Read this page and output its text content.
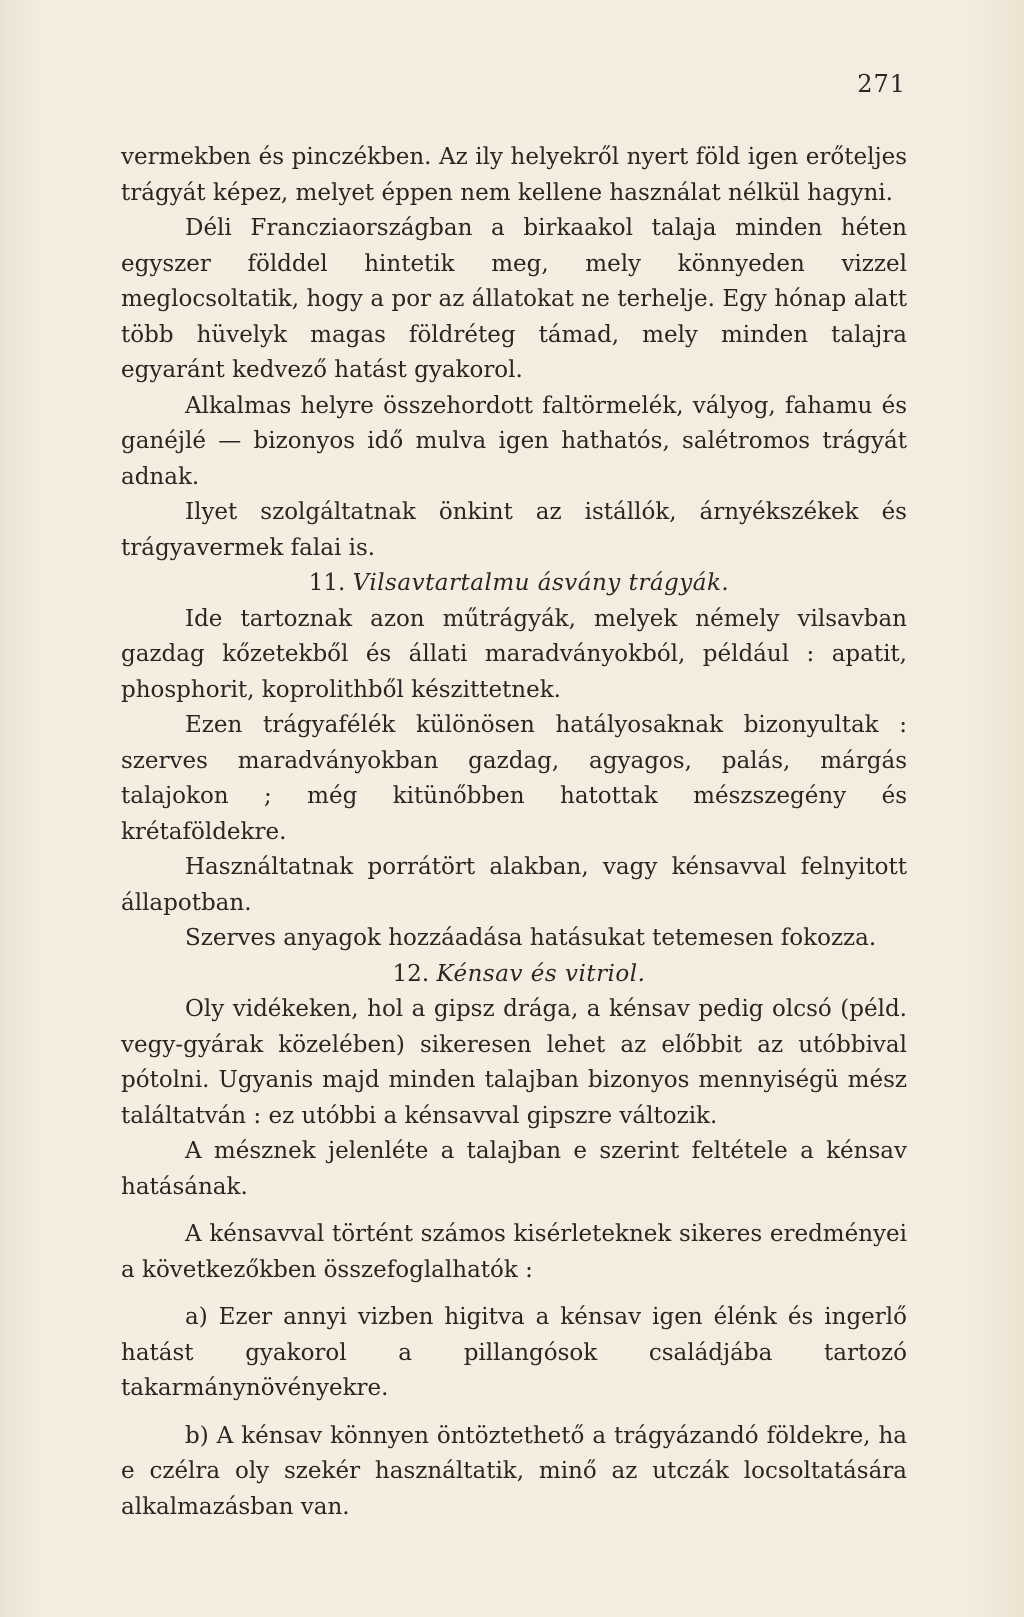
271

vermekben és pinczékben. Az ily helyekről nyert föld igen erőteljes trágyát képez, melyet éppen nem kellene használat nélkül hagyni.

Déli Francziaországban a birkaakol talaja minden héten egyszer földdel hintetik meg, mely könnyeden vizzel meglocsoltatik, hogy a por az állatokat ne terhelje. Egy hónap alatt több hüvelyk magas földréteg támad, mely minden talajra egyaránt kedvező hatást gyakorol.

Alkalmas helyre összehordott faltörmelék, vályog, fahamu és ganéjlé — bizonyos idő mulva igen hathatós, salétromos trágyát adnak.

Ilyet szolgáltatnak önkint az istállók, árnyékszékek és trágyavermek falai is.

11. Vilsavtartalmu ásvány trágyák.

Ide tartoznak azon műtrágyák, melyek némely vilsavban gazdag kőzetekből és állati maradványokból, például : apatit, phosphorit, koprolithből készittetnek.

Ezen trágyafélék különösen hatályosaknak bizonyultak : szerves maradványokban gazdag, agyagos, palás, márgás talajokon ; még kitünőbben hatottak mészszegény és krétaföldekre.

Használtatnak porrátört alakban, vagy kénsavval felnyitott állapotban.

Szerves anyagok hozzáadása hatásukat tetemesen fokozza.

12. Kénsav és vitriol.

Oly vidékeken, hol a gipsz drága, a kénsav pedig olcsó (péld. vegy-gyárak közelében) sikeresen lehet az előbbit az utóbbival pótolni. Ugyanis majd minden talajban bizonyos mennyiségü mész találtatván : ez utóbbi a kénsavval gipszre változik.

A mésznek jelenléte a talajban e szerint feltétele a kénsav hatásának.

A kénsavval történt számos kisérleteknek sikeres eredményei a következőkben összefoglalhatók :

a) Ezer annyi vizben higitva a kénsav igen élénk és ingerlő hatást gyakorol a pillangósok családjába tartozó takarmánynövényekre.

b) A kénsav könnyen öntöztethető a trágyázandó földekre, ha e czélra oly szekér használtatik, minő az utczák locsoltatására alkalmazásban van.
